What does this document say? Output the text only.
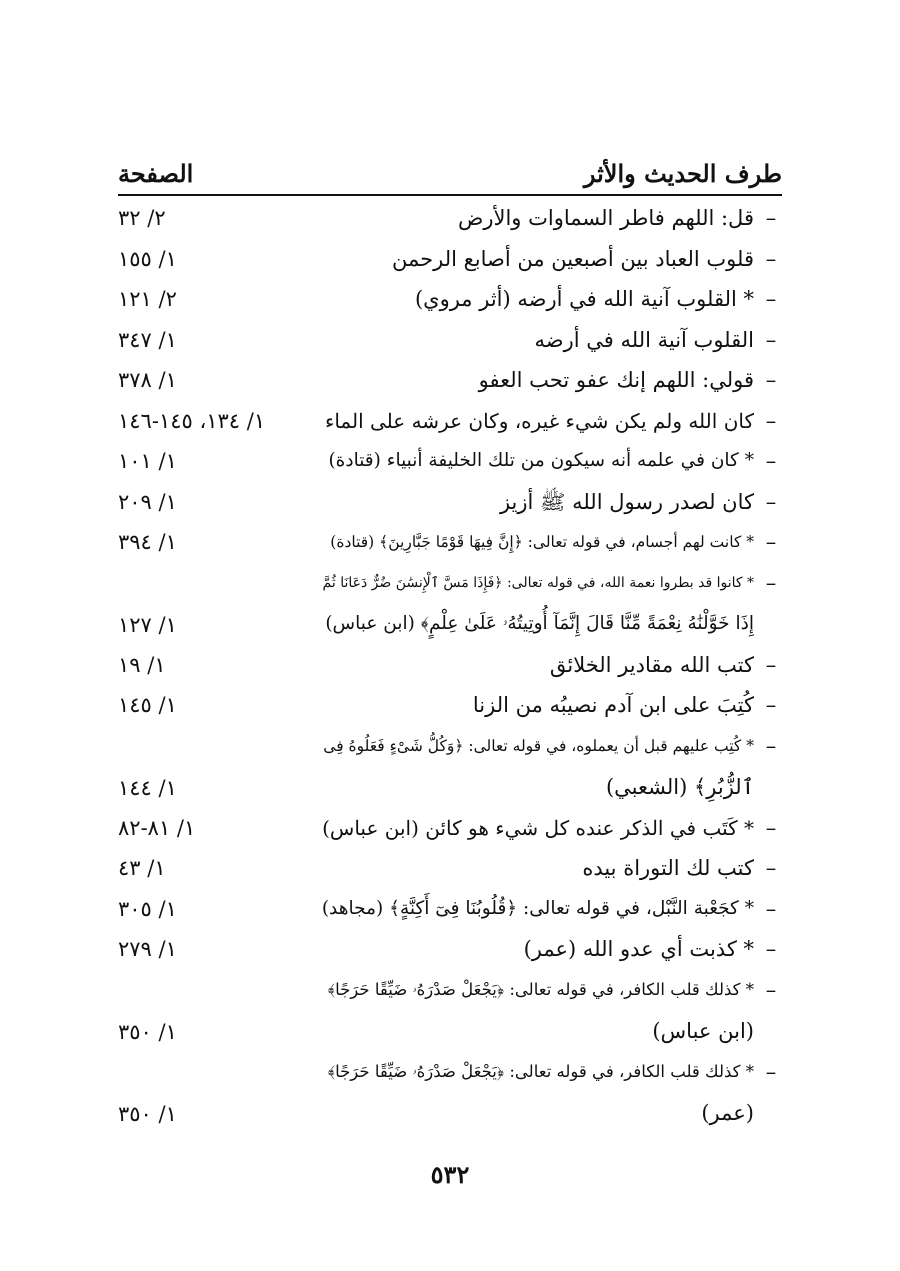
طرف الحديث والأثر
الصفحة
–
قل: اللهم فاطر السماوات والأرض
٢/ ٣٢
–
قلوب العباد بين أصبعين من أصابع الرحمن
١/ ١٥٥
–
* القلوب آنية الله في أرضه (أثر مروي)
٢/ ١٢١
–
القلوب آنية الله في أرضه
١/ ٣٤٧
–
قولي: اللهم إنك عفو تحب العفو
١/ ٣٧٨
–
كان الله ولم يكن شيء غيره، وكان عرشه على الماء
١/ ١٣٤، ١٤٥-١٤٦
–
* كان في علمه أنه سيكون من تلك الخليفة أنبياء (قتادة)
١/ ١٠١
–
كان لصدر رسول الله ﷺ أزيز
١/ ٢٠٩
–
* كانت لهم أجسام، في قوله تعالى: ﴿إِنَّ فِيهَا قَوْمًا جَبَّارِينَ﴾ (قتادة)
١/ ٣٩٤
–
* كانوا قد بطروا نعمة الله، في قوله تعالى: ﴿فَإِذَا مَسَّ ٱلْإِنسَٰنَ ضُرٌّ دَعَانَا ثُمَّ
إِذَا خَوَّلْنَٰهُ نِعْمَةً مِّنَّا قَالَ إِنَّمَآ أُوتِيتُهُۥ عَلَىٰ عِلْمٍ﴾ (ابن عباس)
١/ ١٢٧
–
كتب الله مقادير الخلائق
١/ ١٩
–
كُتِبَ على ابن آدم نصيبُه من الزنا
١/ ١٤٥
–
* كُتِب عليهم قبل أن يعملوه، في قوله تعالى: ﴿وَكُلُّ شَىْءٍ فَعَلُوهُ فِى
ٱلزُّبُرِ﴾ (الشعبي)
١/ ١٤٤
–
* كَتَب في الذكر عنده كل شيء هو كائن (ابن عباس)
١/ ٨١-٨٢
–
كتب لك التوراة بيده
١/ ٤٣
–
* كجَعْبة النَّبْل، في قوله تعالى: ﴿قُلُوبُنَا فِىٓ أَكِنَّةٍ﴾ (مجاهد)
١/ ٣٠٥
–
* كذبت أي عدو الله (عمر)
١/ ٢٧٩
–
* كذلك قلب الكافر، في قوله تعالى: ﴿يَجْعَلْ صَدْرَهُۥ ضَيِّقًا حَرَجًا﴾
(ابن عباس)
١/ ٣٥٠
–
* كذلك قلب الكافر، في قوله تعالى: ﴿يَجْعَلْ صَدْرَهُۥ ضَيِّقًا حَرَجًا﴾
(عمر)
١/ ٣٥٠
٥٣٢
